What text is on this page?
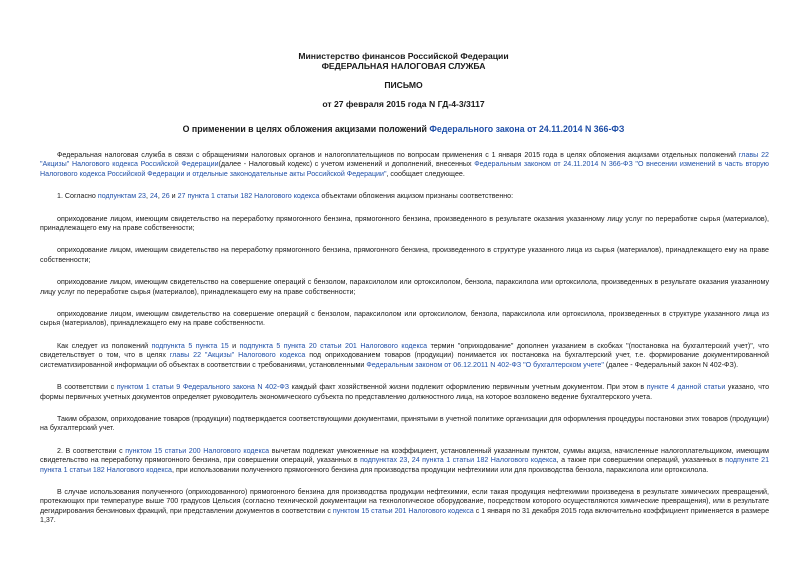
Министерство финансов Российской Федерации
ФЕДЕРАЛЬНАЯ НАЛОГОВАЯ СЛУЖБА
ПИСЬМО
от 27 февраля 2015 года N ГД-4-3/3117
О применении в целях обложения акцизами положений Федерального закона от 24.11.2014 N 366-ФЗ

Федеральная налоговая служба в связи с обращениями налоговых органов и налогоплательщиков по вопросам применения с 1 января 2015 года в целях обложения акцизами отдельных положений главы 22 "Акцизы" Налогового кодекса Российской Федерации(далее - Налоговый кодекс) с учетом изменений и дополнений, внесенных Федеральным законом от 24.11.2014 N 366-ФЗ "О внесении изменений в часть вторую Налогового кодекса Российской Федерации и отдельные законодательные акты Российской Федерации", сообщает следующее.

1. Согласно подпунктам 23, 24, 26 и 27 пункта 1 статьи 182 Налогового кодекса объектами обложения акцизом признаны соответственно:

оприходование лицом, имеющим свидетельство на переработку прямогонного бензина, прямогонного бензина, произведенного в результате оказания указанному лицу услуг по переработке сырья (материалов), принадлежащего ему на праве собственности;

оприходование лицом, имеющим свидетельство на переработку прямогонного бензина, прямогонного бензина, произведенного в структуре указанного лица из сырья (материалов), принадлежащего ему на праве собственности;

оприходование лицом, имеющим свидетельство на совершение операций с бензолом, параксилолом или ортоксилолом, бензола, параксилола или ортоксилола, произведенных в результате оказания указанному лицу услуг по переработке сырья (материалов), принадлежащего ему на праве собственности;

оприходование лицом, имеющим свидетельство на совершение операций с бензолом, параксилолом или ортоксилолом, бензола, параксилола или ортоксилола, произведенных в структуре указанного лица из сырья (материалов), принадлежащего ему на праве собственности.

Как следует из положений подпункта 5 пункта 15 и подпункта 5 пункта 20 статьи 201 Налогового кодекса термин "оприходование" дополнен указанием в скобках "(постановка на бухгалтерский учет)", что свидетельствует о том, что в целях главы 22 "Акцизы" Налогового кодекса под оприходованием товаров (продукции) понимается их постановка на бухгалтерский учет, т.е. формирование документированной систематизированной информации об объектах в соответствии с требованиями, установленными Федеральным законом от 06.12.2011 N 402-ФЗ "О бухгалтерском учете" (далее - Федеральный закон N 402-ФЗ).

В соответствии с пунктом 1 статьи 9 Федерального закона N 402-ФЗ каждый факт хозяйственной жизни подлежит оформлению первичным учетным документом. При этом в пункте 4 данной статьи указано, что формы первичных учетных документов определяет руководитель экономического субъекта по представлению должностного лица, на которое возложено ведение бухгалтерского учета.

Таким образом, оприходование товаров (продукции) подтверждается соответствующими документами, принятыми в учетной политике организации для оформления процедуры постановки этих товаров (продукции) на бухгалтерский учет.

2. В соответствии с пунктом 15 статьи 200 Налогового кодекса вычетам подлежат умноженные на коэффициент, установленный указанным пунктом, суммы акциза, начисленные налогоплательщиком, имеющим свидетельство на переработку прямогонного бензина, при совершении операций, указанных в подпунктах 23, 24 пункта 1 статьи 182 Налогового кодекса, а также при совершении операций, указанных в подпункте 21 пункта 1 статьи 182 Налогового кодекса, при использовании полученного прямогонного бензина для производства продукции нефтехимии или для производства бензола, параксилола или ортоксилола.

В случае использования полученного (оприходованного) прямогонного бензина для производства продукции нефтехимии, если такая продукция нефтехимии произведена в результате химических превращений, протекающих при температуре выше 700 градусов Цельсия (согласно технической документации на технологическое оборудование, посредством которого осуществляются химические превращения), или в результате дегидрирования бензиновых фракций, при представлении документов в соответствии с пунктом 15 статьи 201 Налогового кодекса с 1 января по 31 декабря 2015 года включительно коэффициент применяется в размере 1,37.
